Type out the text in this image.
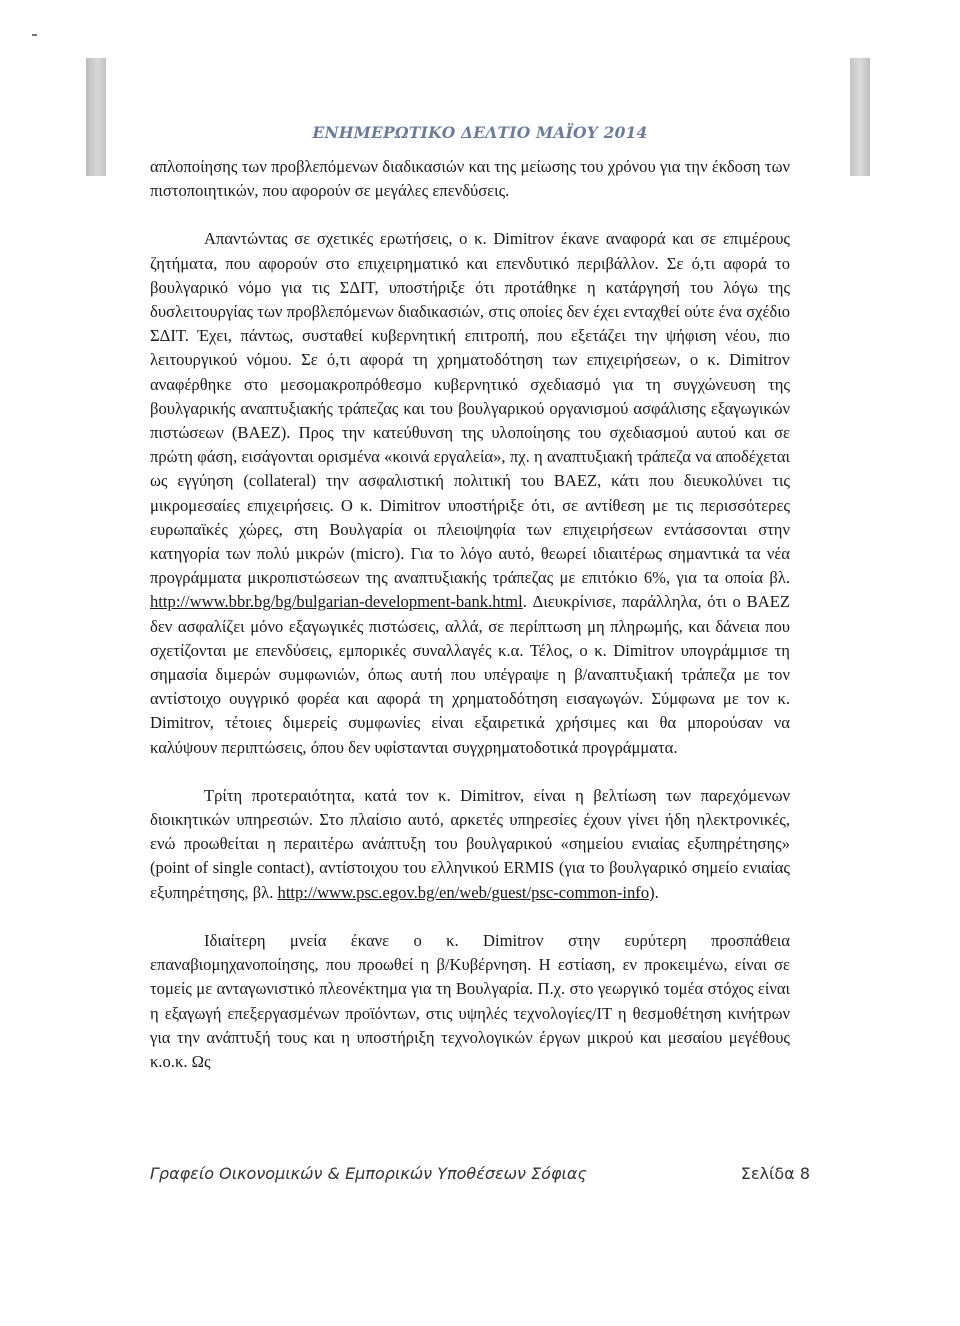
ΕΝΗΜΕΡΩΤΙΚΟ ΔΕΛΤΙΟ ΜΑΪΟΥ 2014

απλοποίησης των προβλεπόμενων διαδικασιών και της μείωσης του χρόνου για την έκδοση των πιστοποιητικών, που αφορούν σε μεγάλες επενδύσεις.

Απαντώντας σε σχετικές ερωτήσεις, ο κ. Dimitrov έκανε αναφορά και σε επιμέρους ζητήματα, που αφορούν στο επιχειρηματικό και επενδυτικό περιβάλλον. Σε ό,τι αφορά το βουλγαρικό νόμο για τις ΣΔΙΤ, υποστήριξε ότι προτάθηκε η κατάργησή του λόγω της δυσλειτουργίας των προβλεπόμενων διαδικασιών, στις οποίες δεν έχει ενταχθεί ούτε ένα σχέδιο ΣΔΙΤ. Έχει, πάντως, συσταθεί κυβερνητική επιτροπή, που εξετάζει την ψήφιση νέου, πιο λειτουργικού νόμου. Σε ό,τι αφορά τη χρηματοδότηση των επιχειρήσεων, ο κ. Dimitrov αναφέρθηκε στο μεσομακροπρόθεσμο κυβερνητικό σχεδιασμό για τη συγχώνευση της βουλγαρικής αναπτυξιακής τράπεζας και του βουλγαρικού οργανισμού ασφάλισης εξαγωγικών πιστώσεων (BAEZ). Προς την κατεύθυνση της υλοποίησης του σχεδιασμού αυτού και σε πρώτη φάση, εισάγονται ορισμένα «κοινά εργαλεία», πχ. η αναπτυξιακή τράπεζα να αποδέχεται ως εγγύηση (collateral) την ασφαλιστική πολιτική του BAEZ, κάτι που διευκολύνει τις μικρομεσαίες επιχειρήσεις. Ο κ. Dimitrov υποστήριξε ότι, σε αντίθεση με τις περισσότερες ευρωπαϊκές χώρες, στη Βουλγαρία οι πλειοψηφία των επιχειρήσεων εντάσσονται στην κατηγορία των πολύ μικρών (micro). Για το λόγο αυτό, θεωρεί ιδιαιτέρως σημαντικά τα νέα προγράμματα μικροπιστώσεων της αναπτυξιακής τράπεζας με επιτόκιο 6%, για τα οποία βλ. http://www.bbr.bg/bg/bulgarian-development-bank.html. Διευκρίνισε, παράλληλα, ότι ο BAEZ δεν ασφαλίζει μόνο εξαγωγικές πιστώσεις, αλλά, σε περίπτωση μη πληρωμής, και δάνεια που σχετίζονται με επενδύσεις, εμπορικές συναλλαγές κ.α. Τέλος, ο κ. Dimitrov υπογράμμισε τη σημασία διμερών συμφωνιών, όπως αυτή που υπέγραψε η β/αναπτυξιακή τράπεζα με τον αντίστοιχο ουγγρικό φορέα και αφορά τη χρηματοδότηση εισαγωγών. Σύμφωνα με τον κ. Dimitrov, τέτοιες διμερείς συμφωνίες είναι εξαιρετικά χρήσιμες και θα μπορούσαν να καλύψουν περιπτώσεις, όπου δεν υφίστανται συγχρηματοδοτικά προγράμματα.

Τρίτη προτεραιότητα, κατά τον κ. Dimitrov, είναι η βελτίωση των παρεχόμενων διοικητικών υπηρεσιών. Στο πλαίσιο αυτό, αρκετές υπηρεσίες έχουν γίνει ήδη ηλεκτρονικές, ενώ προωθείται η περαιτέρω ανάπτυξη του βουλγαρικού «σημείου ενιαίας εξυπηρέτησης» (point of single contact), αντίστοιχου του ελληνικού ERMIS (για το βουλγαρικό σημείο ενιαίας εξυπηρέτησης, βλ. http://www.psc.egov.bg/en/web/guest/psc-common-info).

Ιδιαίτερη μνεία έκανε ο κ. Dimitrov στην ευρύτερη προσπάθεια επαναβιομηχανοποίησης, που προωθεί η β/Κυβέρνηση. Η εστίαση, εν προκειμένω, είναι σε τομείς με ανταγωνιστικό πλεονέκτημα για τη Βουλγαρία. Π.χ. στο γεωργικό τομέα στόχος είναι η εξαγωγή επεξεργασμένων προϊόντων, στις υψηλές τεχνολογίες/IT η θεσμοθέτηση κινήτρων για την ανάπτυξή τους και η υποστήριξη τεχνολογικών έργων μικρού και μεσαίου μεγέθους κ.ο.κ. Ως

Γραφείο Οικονομικών & Εμπορικών Υποθέσεων Σόφιας	Σελίδα 8
